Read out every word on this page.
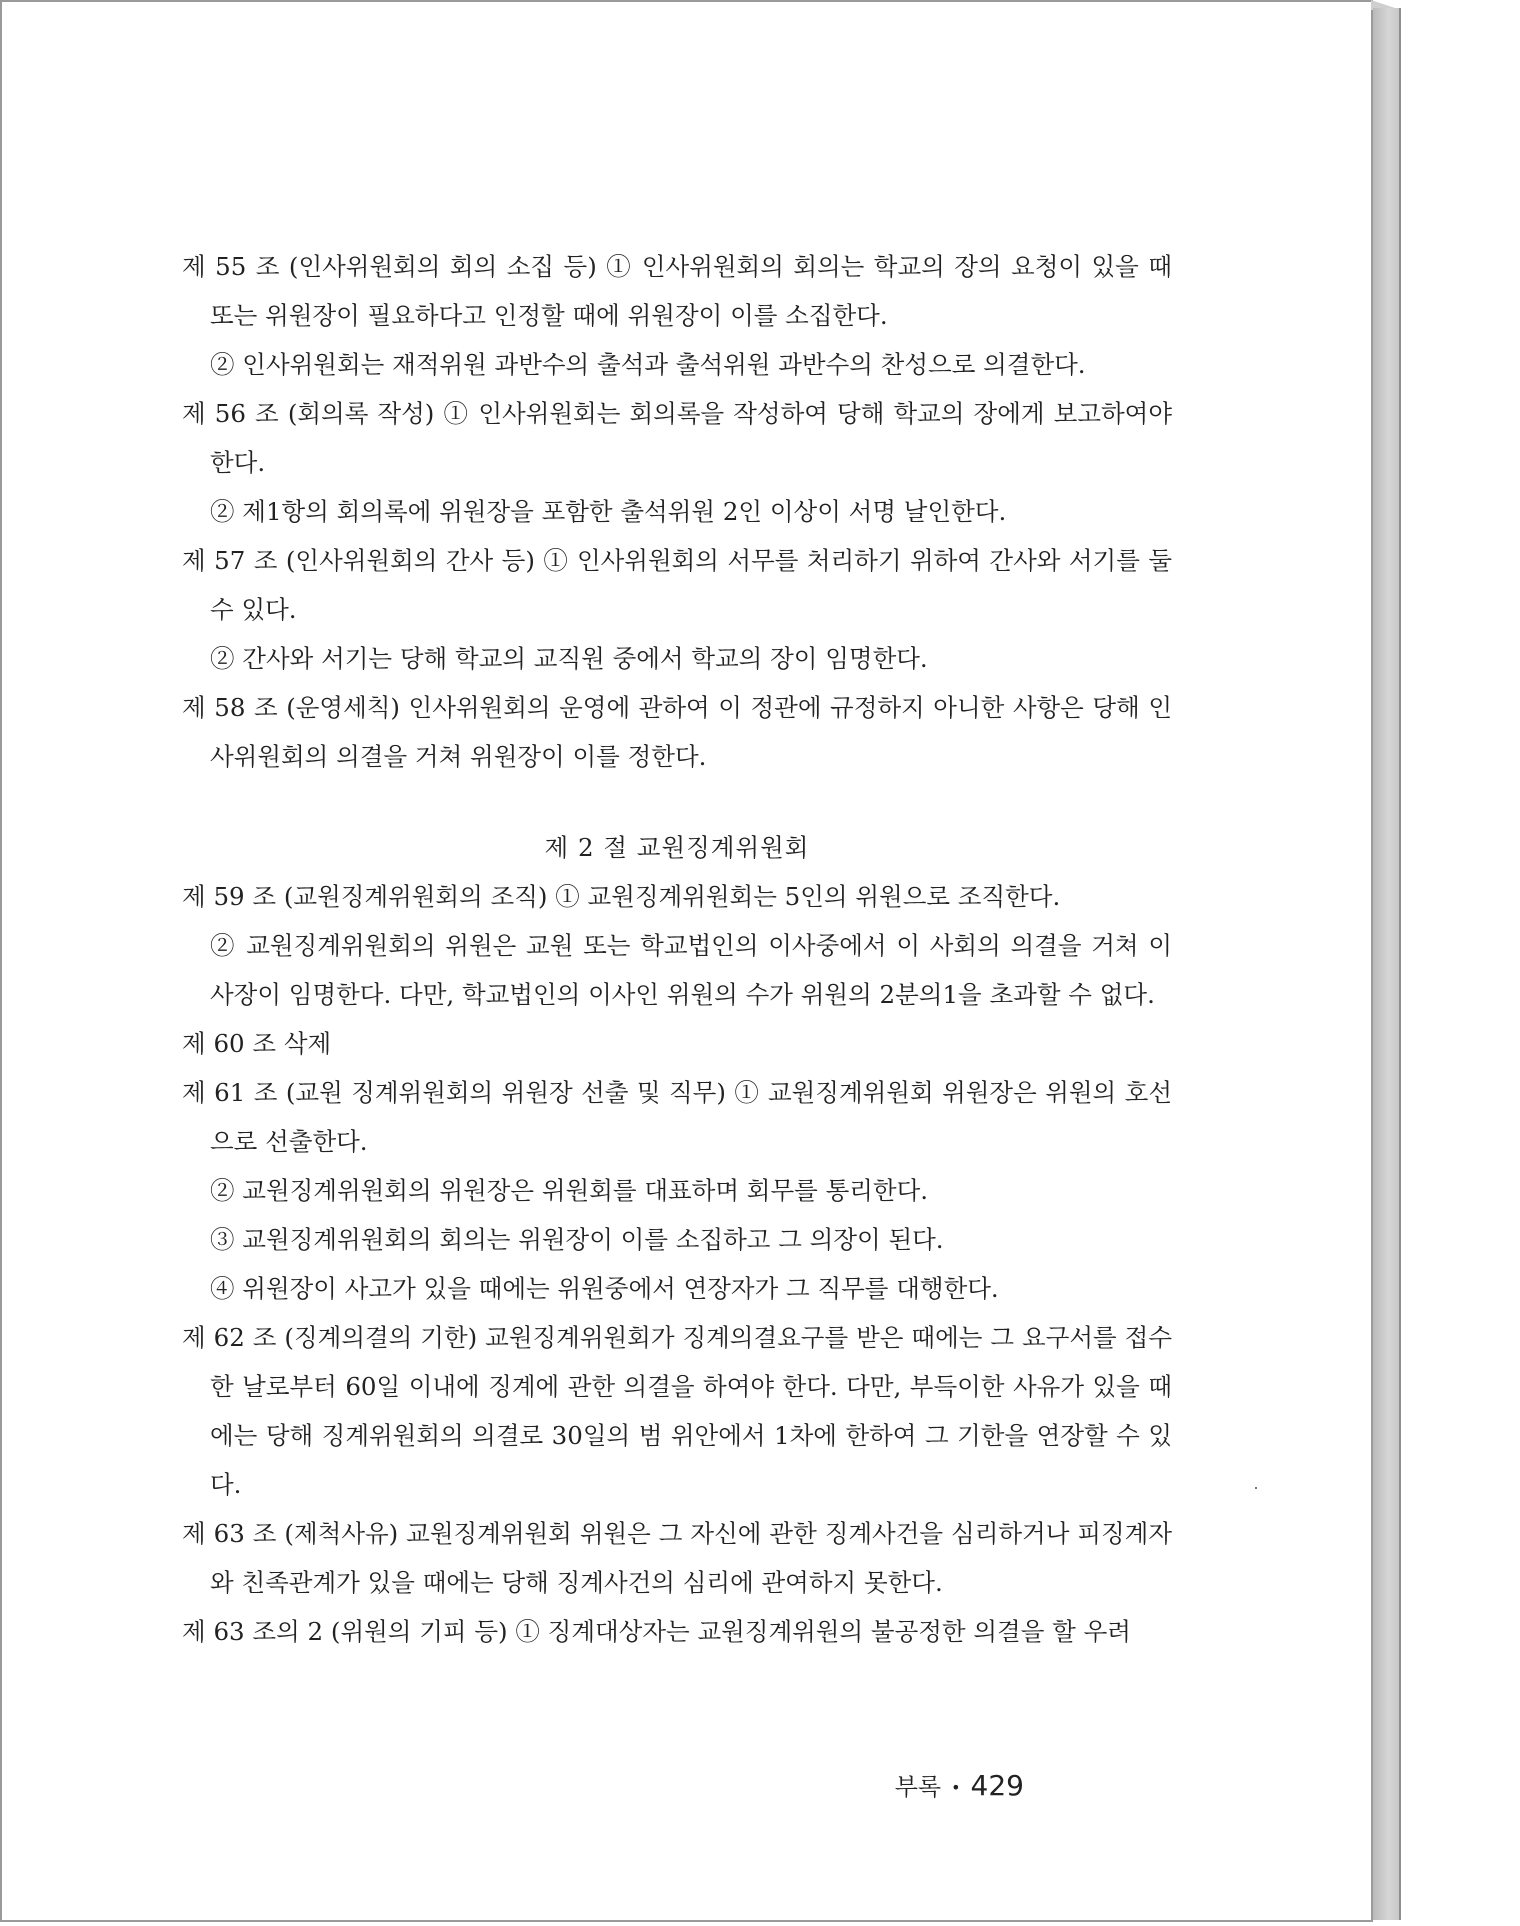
제 55 조 (인사위원회의 회의 소집 등) ① 인사위원회의 회의는 학교의 장의 요청이 있을 때 또는 위원장이 필요하다고 인정할 때에 위원장이 이를 소집한다.
② 인사위원회는 재적위원 과반수의 출석과 출석위원 과반수의 찬성으로 의결한다.
제 56 조 (회의록 작성) ① 인사위원회는 회의록을 작성하여 당해 학교의 장에게 보고하여야 한다.
② 제1항의 회의록에 위원장을 포함한 출석위원 2인 이상이 서명 날인한다.
제 57 조 (인사위원회의 간사 등) ① 인사위원회의 서무를 처리하기 위하여 간사와 서기를 둘 수 있다.
② 간사와 서기는 당해 학교의 교직원 중에서 학교의 장이 임명한다.
제 58 조 (운영세칙) 인사위원회의 운영에 관하여 이 정관에 규정하지 아니한 사항은 당해 인사위원회의 의결을 거쳐 위원장이 이를 정한다.
제 2 절 교원징계위원회
제 59 조 (교원징계위원회의 조직) ① 교원징계위원회는 5인의 위원으로 조직한다.
② 교원징계위원회의 위원은 교원 또는 학교법인의 이사중에서 이 사회의 의결을 거쳐 이사장이 임명한다. 다만, 학교법인의 이사인 위원의 수가 위원의 2분의1을 초과할 수 없다.
제 60 조 삭제
제 61 조 (교원 징계위원회의 위원장 선출 및 직무) ① 교원징계위원회 위원장은 위원의 호선으로 선출한다.
② 교원징계위원회의 위원장은 위원회를 대표하며 회무를 통리한다.
③ 교원징계위원회의 회의는 위원장이 이를 소집하고 그 의장이 된다.
④ 위원장이 사고가 있을 때에는 위원중에서 연장자가 그 직무를 대행한다.
제 62 조 (징계의결의 기한) 교원징계위원회가 징계의결요구를 받은 때에는 그 요구서를 접수한 날로부터 60일 이내에 징계에 관한 의결을 하여야 한다. 다만, 부득이한 사유가 있을 때에는 당해 징계위원회의 의결로 30일의 범 위안에서 1차에 한하여 그 기한을 연장할 수 있다.
제 63 조 (제척사유) 교원징계위원회 위원은 그 자신에 관한 징계사건을 심리하거나 피징계자와 친족관계가 있을 때에는 당해 징계사건의 심리에 관여하지 못한다.
제 63 조의 2 (위원의 기피 등) ① 징계대상자는 교원징계위원의 불공정한 의결을 할 우려
부록 • 429
